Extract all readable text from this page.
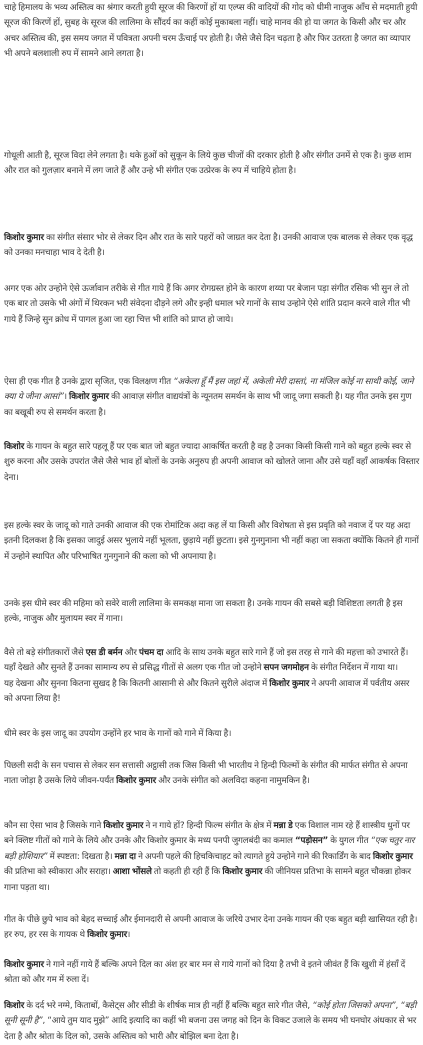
चाहे हिमालय के भव्य अस्तित्व का श्रंगार करती हुयी सूरज की किरणों हों या एल्प्स की वादियों की गोद को धीमी नाजुक आँच से मदमाती हुयी सूरज की किरणें हों, सुबह के सूरज की लालिमा के सौंदर्य का कहीं कोई मुकाबला नहीं। चाहे मानव की हो या जगत के किसी और चर और अचर अस्तित्व की, इस समय जगत में पवित्रता अपनी चरम ऊँचाई पर होती है। जैसे जैसे दिन चढ़ता है और फिर उतरता है जगत का व्यापार भी अपने बलशाली रुप में सामने आने लगता है।

गोधूली आती है, सूरज विदा लेने लगता है। थके हुओं को सुकून के लिये कुछ चीजों की दरकार होती है और संगीत उनमें से एक है। कुछ शाम और रात को गुलज़ार बनाने में लग जाते हैं और उन्हे भी संगीत एक उत्प्रेरक के रुप में चाहिये होता है।

किशोर कुमार का संगीत संसार भोर से लेकर दिन और रात के सारे पहरों को जाग्रत कर देता है। उनकी आवाज एक बालक से लेकर एक वृद्ध को उनका मनचाहा भाव दे देती है।

अगर एक ओर उन्होने ऐसे ऊर्जावान तरीके से गीत गाये हैं कि अगर रोगग्रस्त होने के कारण शय्या पर बेजान पड़ा संगीत रसिक भी सुन ले तो एक बार तो उसके भी अंगों में थिरकन भरी संवेदना दौड़ने लगे और इन्ही धमाल भरे गानों के साथ उन्होने ऐसे शांति प्रदान करने वाले गीत भी गाये हैं जिन्हे सुन क्रोध में पागल हुआ जा रहा चित्त भी शांति को प्राप्त हो जाये।

ऐसा ही एक गीत है उनके द्वारा सृजित, एक विलक्षण गीत “अकेला हूँ मैं इस जहां में, अकेली मेरी दास्तां, ना मंजिल कोई ना साथी कोई, जाने क्या ये जीना आसां”। किशोर कुमार की आवाज़ संगीत वाद्ययंत्रों के न्यूनतम समर्थन के साथ भी जादू जगा सकती है। यह गीत उनके इस गुण का बखूबी रुप से समर्थन करता है।

किशोर के गायन के बहुत सारे पहलू हैं पर एक बात जो बहुत ज्यादा आकर्षित करती है वह है उनका किसी किसी गाने को बहुत हल्के स्वर से शुरु करना और उसके उपरांत जैसे जैसे भाव हों बोलों के उनके अनुरुप ही अपनी आवाज को खोलते जाना और उसे यहाँ वहाँ आकर्षक विस्तार देना।

इस हल्के स्वर के जादू को गाते उनकी आवाज की एक रोमांटिक अदा कह लें या किसी और विशेषता से इस प्रवृति को नवाज दें पर यह अदा इतनी दिलकश है कि इसका जादुई असर भुलाये नहीं भूलता, छुड़ाये नहीं छुटता। इसे गुनगुनाना भी नहीं कहा जा सकता क्योंकि कितने ही गानों में उन्होने स्थापित और परिभाषित गुनगुनाने की कला को भी अपनाया है।

उनके इस धीमे स्वर की महिमा को सवेरे वाली लालिमा के समकक्ष माना जा सकता है। उनके गायन की सबसे बड़ी विशिष्टता लगती है इस हल्के, नाजुक और मुलायम स्वर में गाना।

वैसे तो बड़े संगीतकारों जैसे एस डी बर्मन और पंचम दा आदि के साथ उनके बहुत सारे गाने हैं जो इस तरह से गाने की महत्ता को उभारते हैं। यहाँ देखते और सुनते हैं उनका सामान्य रुप से प्रसिद्ध गीतों से अलग एक गीत जो उन्होने सपन जगमोहन के संगीत निर्देशन में गाया था।
यह देखना और सुनना कितना सुखद है कि कितनी आसानी से और कितने सुरीले अंदाज में किशोर कुमार ने अपनी आवाज में पर्वतीय असर को अपना लिया है!

धीमे स्वर के इस जादू का उपयोग उन्होंने हर भाव के गानों को गाने में किया है।

पिछली सदी के सन पचास से लेकर सन सत्तासी अट्ठासी तक जिस किसी भी भारतीय ने हिन्दी फिल्मों के संगीत की मार्फत संगीत से अपना नाता जोड़ा है उसके लिये जीवन-पर्यंत किशोर कुमार और उनके संगीत को अलविदा कहना नामुमकिन है।

कौन सा ऐसा भाव है जिसके गाने किशोर कुमार ने न गाये हों? हिन्दी फिल्म संगीत के क्षेत्र में मन्ना डे एक विशाल नाम रहे हैं शास्त्रीय धुनों पर बने क्लिष्ट गीतों को गाने के लिये और उनके और किशोर कुमार के मध्य पनपी जुगलबंदी का कमाल “पड़ोसन” के युगल गीत “एक चतुर नार बड़ी होशियार” में स्पष्टता: दिखता है। मन्ना दा ने अपनी पहले की हिचकिचाहट को त्यागते हुये उन्होने गाने की रिकार्डिंग के बाद किशोर कुमार की प्रतिभा को स्वीकारा और सराहा। आशा भोंसले तो कहती ही रही हैं कि किशोर कुमार की जीनियस प्रतिभा के सामने बहुत चौकन्ना होकर गाना पड़ता था।

गीत के पीछे छुपे भाव को बेहद सच्चाई और ईमानदारी से अपनी आवाज के जरिये उभार देना उनके गायन की एक बहुत बड़ी खासियत रही है। हर रुप, हर रस के गायक थे किशोर कुमार।

किशोर कुमार ने गाने नहीं गाये हैं बल्कि अपने दिल का अंश हर बार मन से गाये गानों को दिया है तभी वे इतने जीवंत हैं कि खुशी में हंसाँ दें श्रोता को और गम में रुला दें।

किशोर के दर्द भरे नग्मे, किताबों, कैसेट्स और सीडी के शीर्षक मात्र ही नहीं हैं बल्कि बहुत सारे गीत जैसे, “कोई होता जिसको अपना”, “बड़ी सूनी सूनी है”, “आये तुम याद मुझे” आदि इत्यादि का कहीं भी बजना उस जगह को दिन के विकट उजाले के समय भी घनघोर अंधकार से भर देता है और श्रोता के दिल को, उसके अस्तित्व को भारी और बोझिल बना देता है।
